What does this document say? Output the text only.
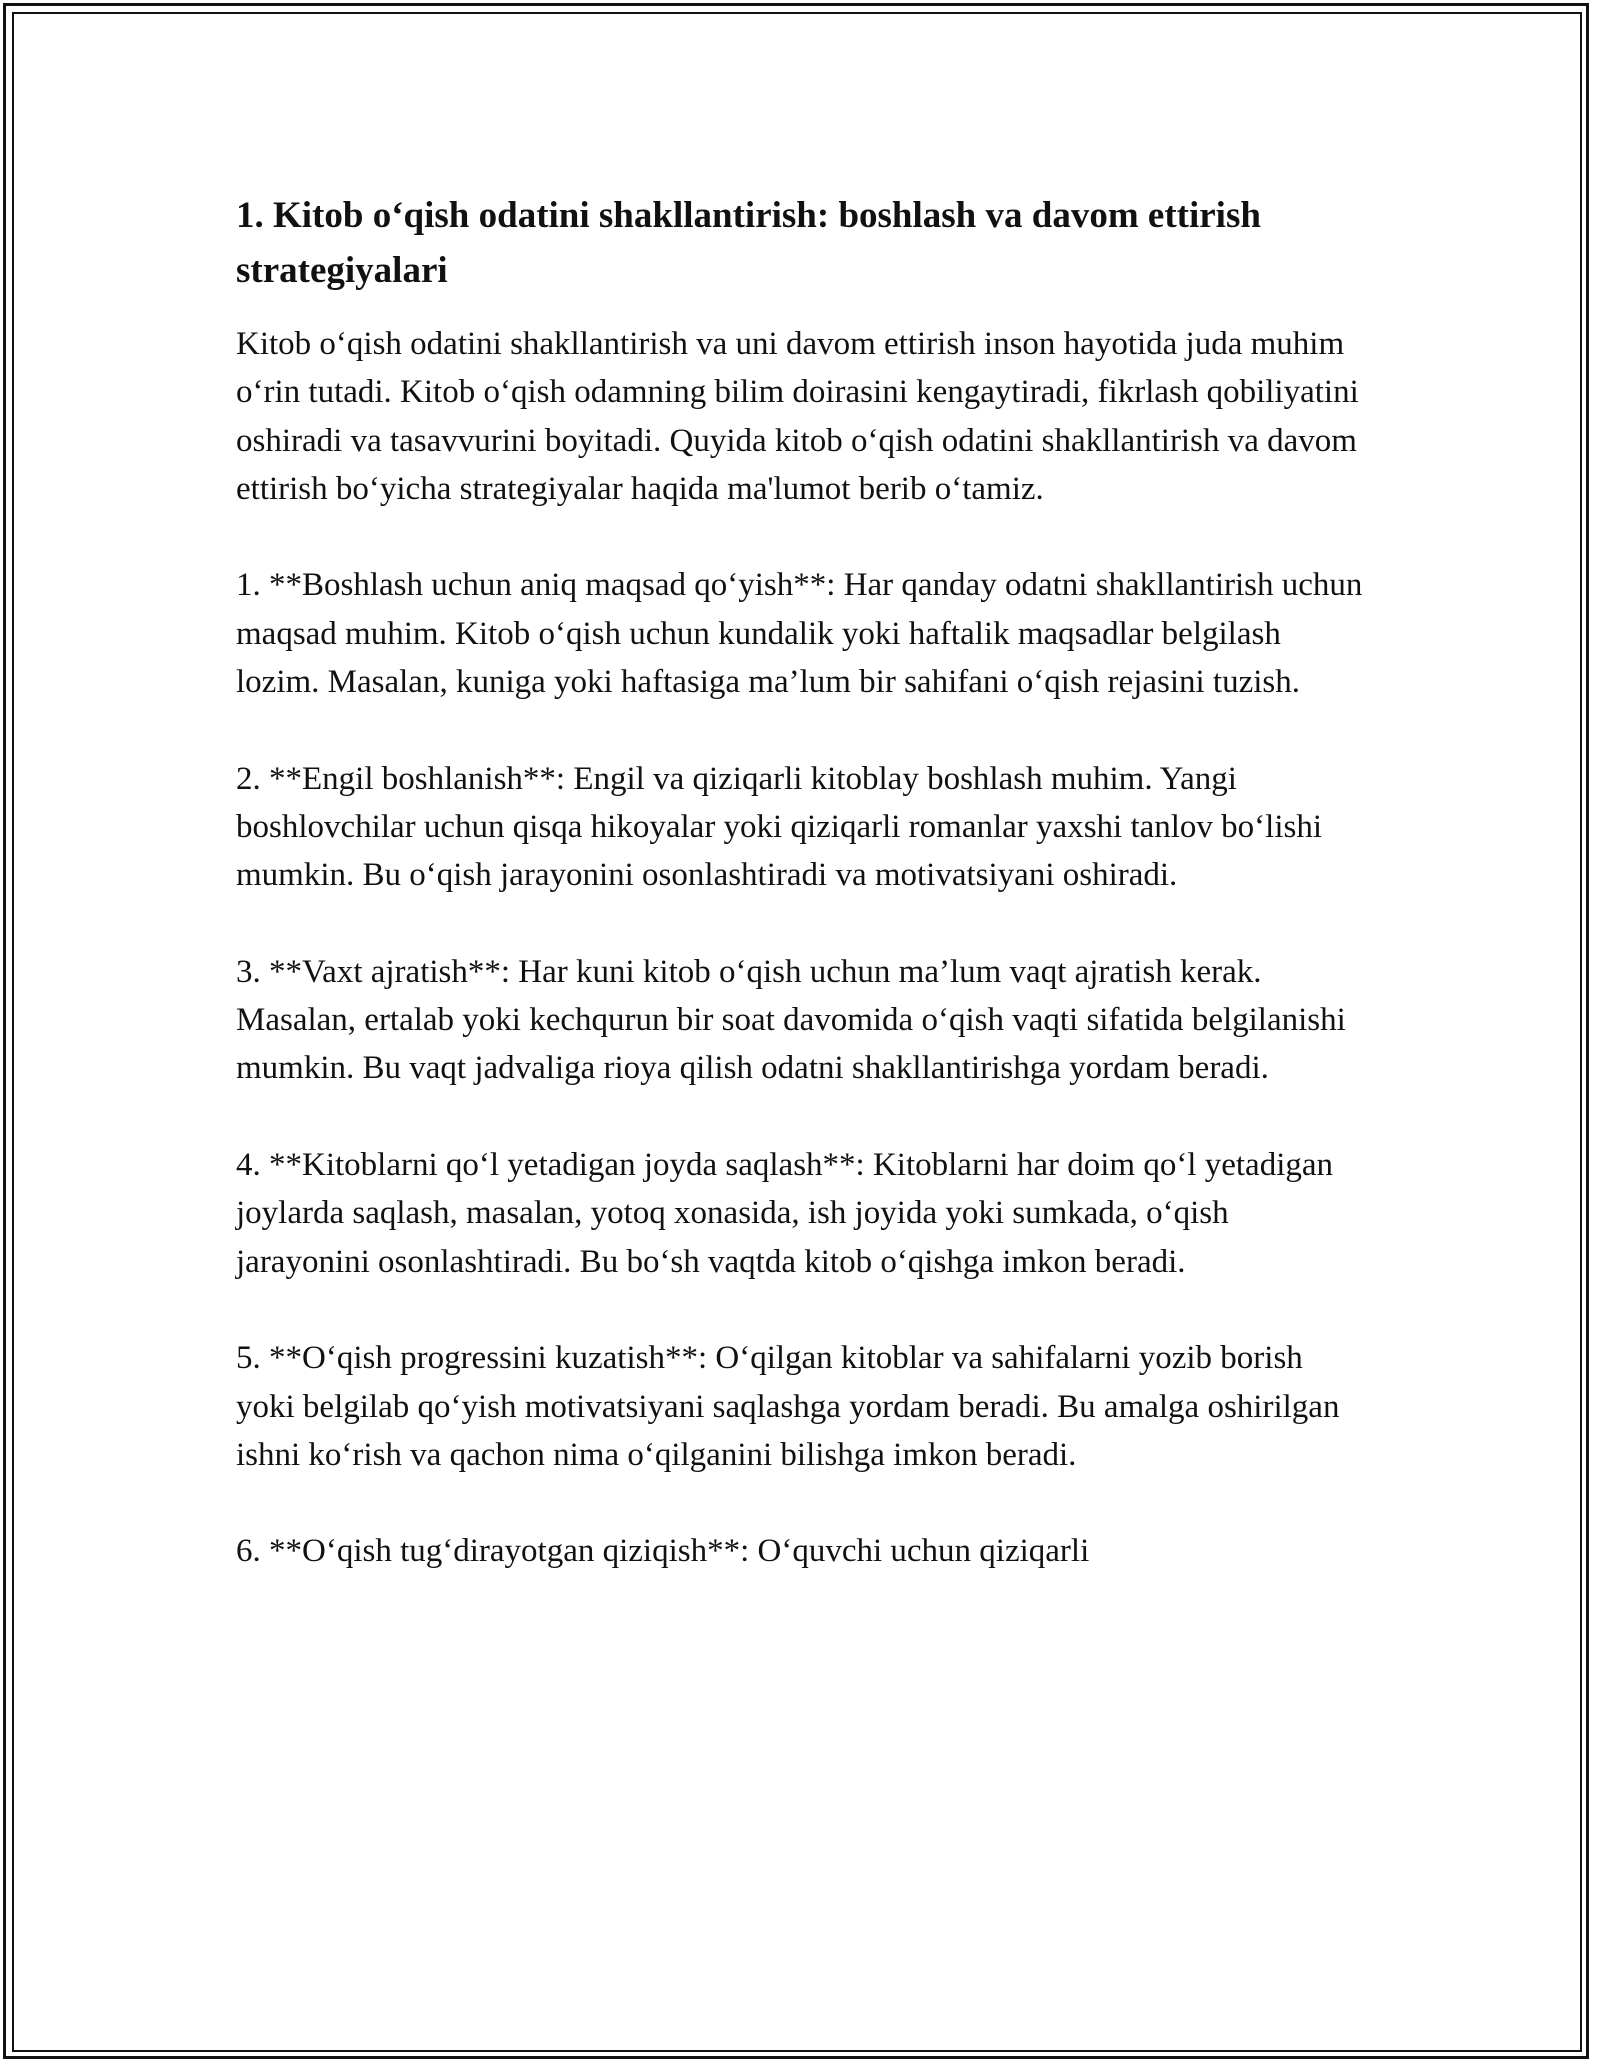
1. Kitob o‘qish odatini shakllantirish: boshlash va davom ettirish strategiyalari

Kitob o‘qish odatini shakllantirish va uni davom ettirish inson hayotida juda muhim o‘rin tutadi. Kitob o‘qish odamning bilim doirasini kengaytiradi, fikrlash qobiliyatini oshiradi va tasavvurini boyitadi. Quyida kitob o‘qish odatini shakllantirish va davom ettirish bo‘yicha strategiyalar haqida ma'lumot berib o‘tamiz.

1. **Boshlash uchun aniq maqsad qo‘yish**: Har qanday odatni shakllantirish uchun maqsad muhim. Kitob o‘qish uchun kundalik yoki haftalik maqsadlar belgilash lozim. Masalan, kuniga yoki haftasiga ma’lum bir sahifani o‘qish rejasini tuzish.

2. **Engil boshlanish**: Engil va qiziqarli kitoblay boshlash muhim. Yangi boshlovchilar uchun qisqa hikoyalar yoki qiziqarli romanlar yaxshi tanlov bo‘lishi mumkin. Bu o‘qish jarayonini osonlashtiradi va motivatsiyani oshiradi.

3. **Vaxt ajratish**: Har kuni kitob o‘qish uchun ma’lum vaqt ajratish kerak. Masalan, ertalab yoki kechqurun bir soat davomida o‘qish vaqti sifatida belgilanishi mumkin. Bu vaqt jadvaliga rioya qilish odatni shakllantirishga yordam beradi.

4. **Kitoblarni qo‘l yetadigan joyda saqlash**: Kitoblarni har doim qo‘l yetadigan joylarda saqlash, masalan, yotoq xonasida, ish joyida yoki sumkada, o‘qish jarayonini osonlashtiradi. Bu bo‘sh vaqtda kitob o‘qishga imkon beradi.

5. **O‘qish progressini kuzatish**: O‘qilgan kitoblar va sahifalarni yozib borish yoki belgilab qo‘yish motivatsiyani saqlashga yordam beradi. Bu amalga oshirilgan ishni ko‘rish va qachon nima o‘qilganini bilishga imkon beradi.

6. **O‘qish tug‘dirayotgan qiziqish**: O‘quvchi uchun qiziqarli
